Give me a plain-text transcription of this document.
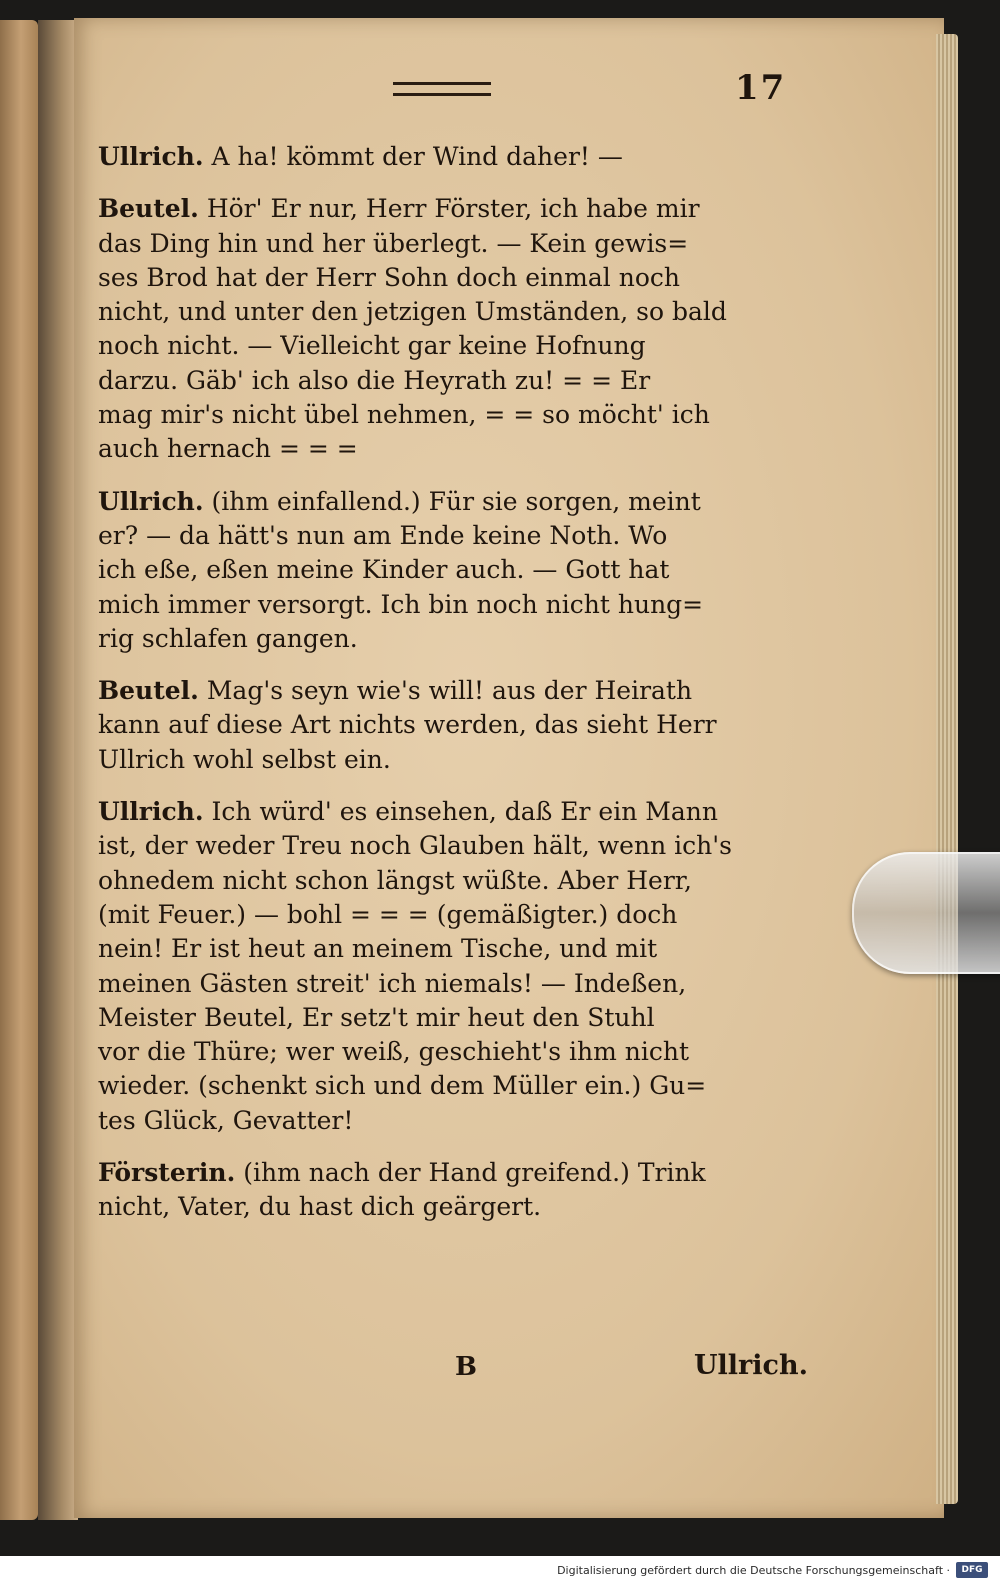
17
Ullrich. A ha! kömmt der Wind daher! —
Beutel. Hör' Er nur, Herr Förster, ich habe mir
das Ding hin und her überlegt. — Kein gewis=
ses Brod hat der Herr Sohn doch einmal noch
nicht, und unter den jetzigen Umständen, so bald
noch nicht. — Vielleicht gar keine Hofnung
darzu. Gäb' ich also die Heyrath zu! = = Er
mag mir's nicht übel nehmen, = = so möcht' ich
auch hernach = = =
Ullrich. (ihm einfallend.) Für sie sorgen, meint
er? — da hätt's nun am Ende keine Noth. Wo
ich eße, eßen meine Kinder auch. — Gott hat
mich immer versorgt. Ich bin noch nicht hung=
rig schlafen gangen.
Beutel. Mag's seyn wie's will! aus der Heirath
kann auf diese Art nichts werden, das sieht Herr
Ullrich wohl selbst ein.
Ullrich. Ich würd' es einsehen, daß Er ein Mann
ist, der weder Treu noch Glauben hält, wenn ich's
ohnedem nicht schon längst wüßte. Aber Herr,
(mit Feuer.) — bohl = = = (gemäßigter.) doch
nein! Er ist heut an meinem Tische, und mit
meinen Gästen streit' ich niemals! — Indeßen,
Meister Beutel, Er setz't mir heut den Stuhl
vor die Thüre; wer weiß, geschieht's ihm nicht
wieder. (schenkt sich und dem Müller ein.) Gu=
tes Glück, Gevatter!
Försterin. (ihm nach der Hand greifend.) Trink
nicht, Vater, du hast dich geärgert.
B	Ullrich.
Digitalisierung gefördert durch die Deutsche Forschungsgemeinschaft ·	DFG
